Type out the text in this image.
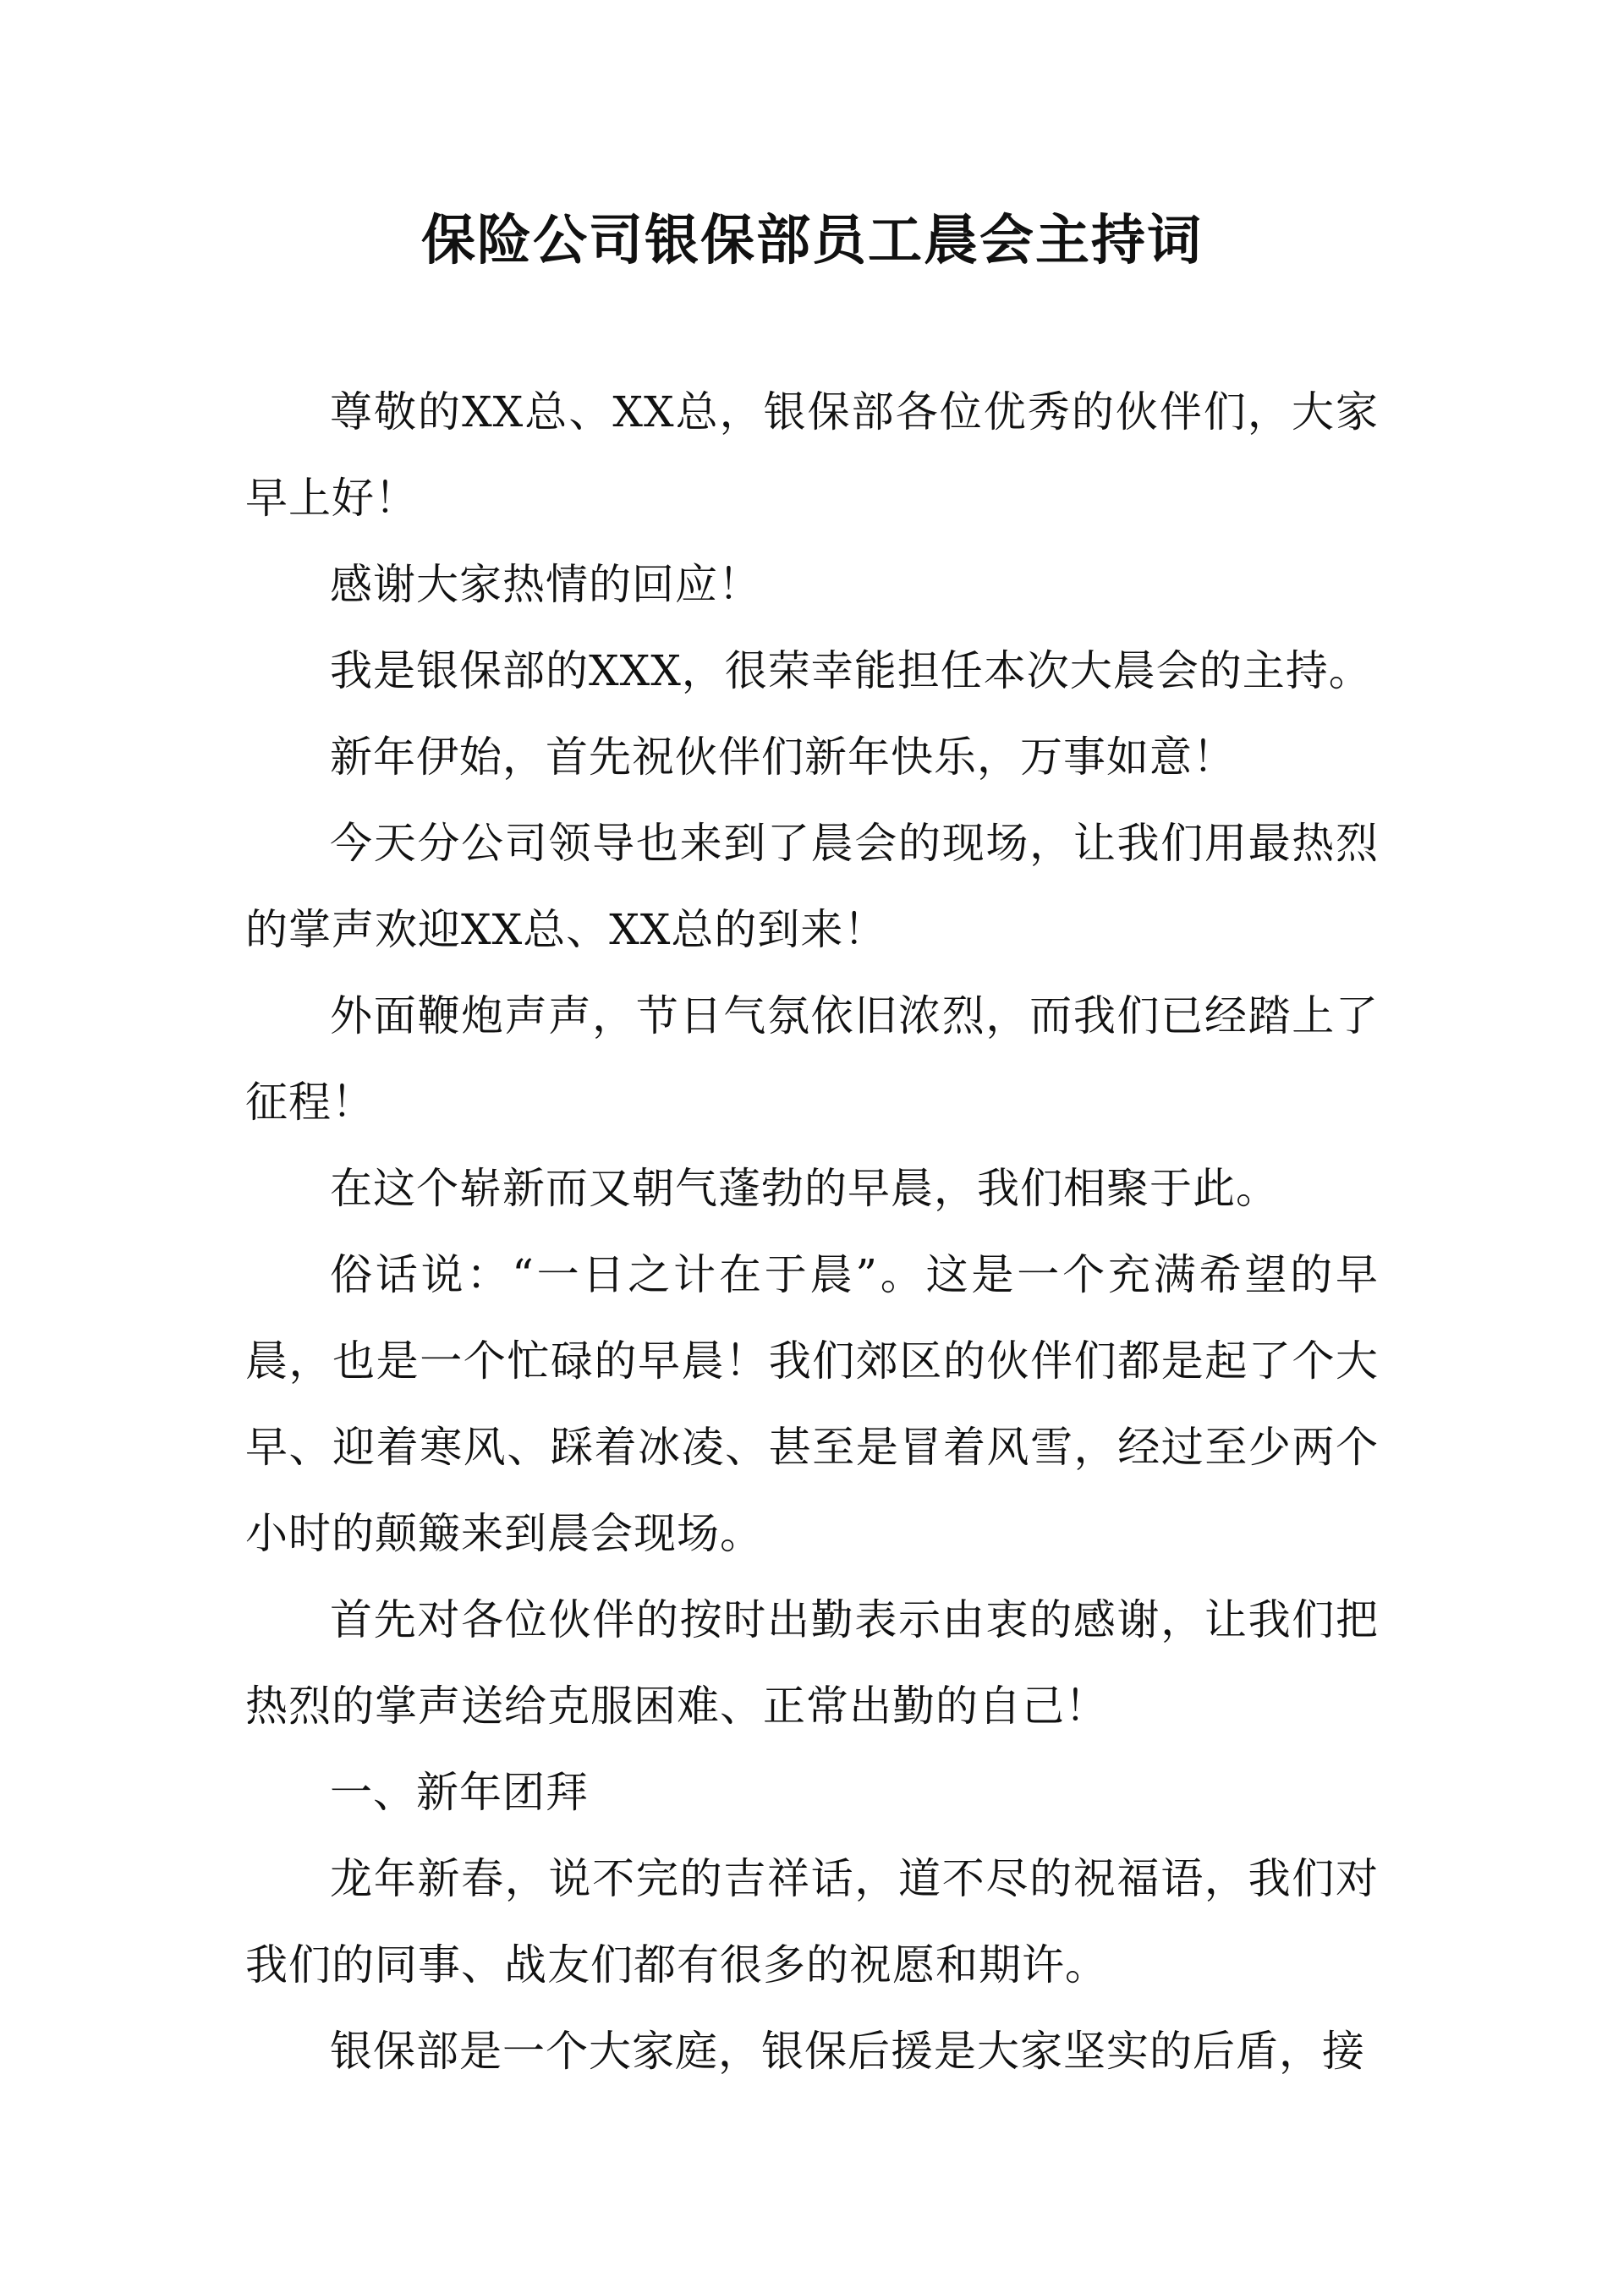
保险公司银保部员工晨会主持词

尊敬的XX总、XX总，银保部各位优秀的伙伴们，大家早上好！

感谢大家热情的回应！

我是银保部的XXX，很荣幸能担任本次大晨会的主持。

新年伊始，首先祝伙伴们新年快乐，万事如意！

今天分公司领导也来到了晨会的现场，让我们用最热烈的掌声欢迎XX总、XX总的到来！

外面鞭炮声声，节日气氛依旧浓烈，而我们已经踏上了征程！

在这个崭新而又朝气蓬勃的早晨，我们相聚于此。

俗话说：“一日之计在于晨”。这是一个充满希望的早晨，也是一个忙碌的早晨！我们郊区的伙伴们都是起了个大早、迎着寒风、踩着冰凌、甚至是冒着风雪，经过至少两个小时的颠簸来到晨会现场。

首先对各位伙伴的按时出勤表示由衷的感谢，让我们把热烈的掌声送给克服困难、正常出勤的自己！

一、新年团拜

龙年新春，说不完的吉祥话，道不尽的祝福语，我们对我们的同事、战友们都有很多的祝愿和期许。

银保部是一个大家庭，银保后援是大家坚实的后盾，接
